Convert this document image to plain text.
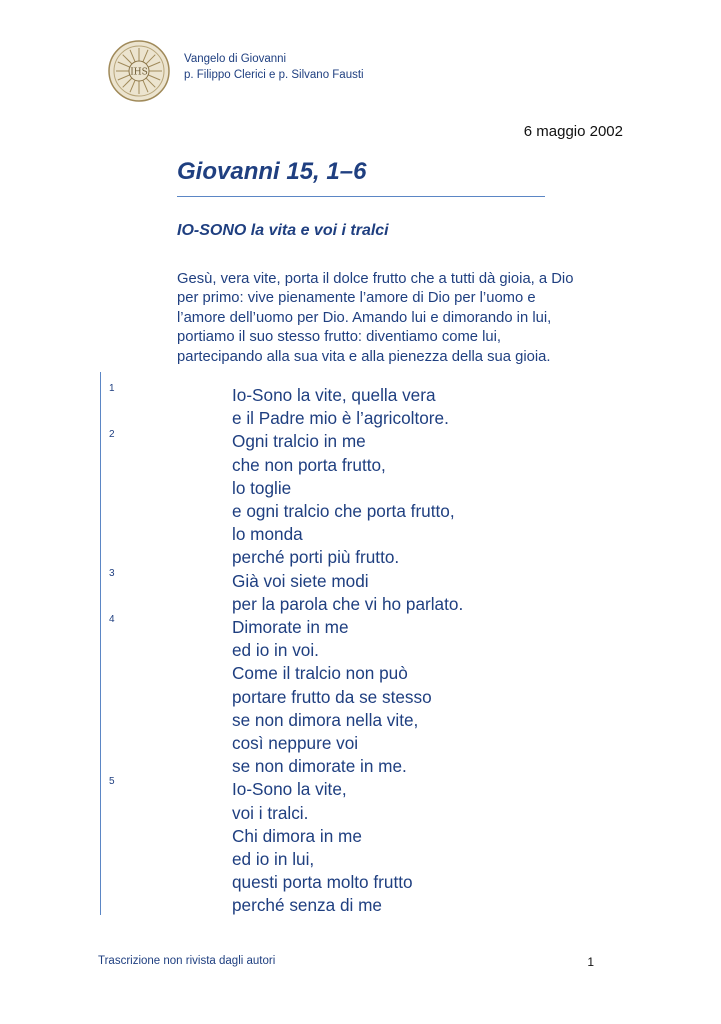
IHS
Vangelo di Giovanni
p. Filippo Clerici e p. Silvano Fausti
6 maggio 2002
Giovanni 15, 1–6
IO-SONO la vita e voi i tralci
Gesù, vera vite, porta il dolce frutto che a tutti dà gioia, a Dio
per primo: vive pienamente l’amore di Dio per l’uomo e
l’amore dell’uomo per Dio. Amando lui e dimorando in lui,
portiamo il suo stesso frutto: diventiamo come lui,
partecipando alla sua vita e alla pienezza della sua gioia.
1
2
3
4
5
Io-Sono la vite, quella vera
e il Padre mio è l’agricoltore.
Ogni tralcio in me
che non porta frutto,
lo toglie
e ogni tralcio che porta frutto,
lo monda
perché porti più frutto.
Già voi siete modi
per la parola che vi ho parlato.
Dimorate in me
ed io in voi.
Come il tralcio non può
portare frutto da se stesso
se non dimora nella vite,
così neppure voi
se non dimorate in me.
Io-Sono la vite,
voi i tralci.
Chi dimora in me
ed io in lui,
questi porta molto frutto
perché senza di me
Trascrizione non rivista dagli autori	1
